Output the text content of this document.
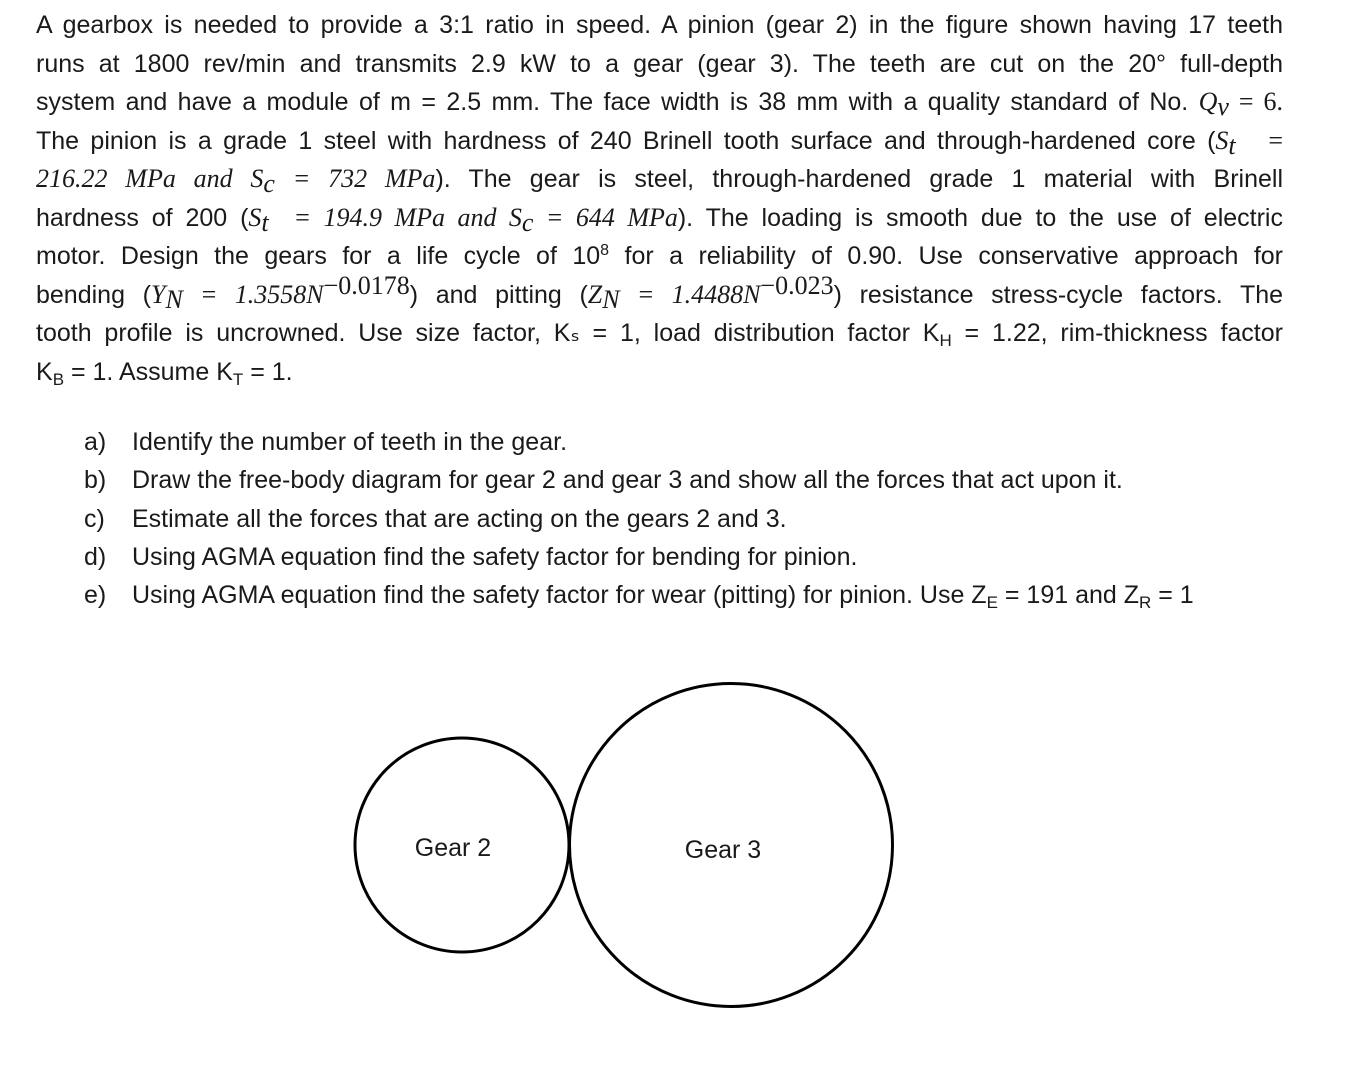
A gearbox is needed to provide a 3:1 ratio in speed. A pinion (gear 2) in the figure shown having 17 teeth
runs at 1800 rev/min and transmits 2.9 kW to a gear (gear 3). The teeth are cut on the 20° full-depth
system and have a module of m = 2.5 mm. The face width is 38 mm with a quality standard of No. $Q_v = 6$.
The pinion is a grade 1 steel with hardness of 240 Brinell tooth surface and through-hardened core ($S_t$   =
216.22 MPa and $S_c = 732$ MPa). The gear is steel, through-hardened grade 1 material with Brinell
hardness of 200 ($S_t = 194.9$ MPa and $S_c = 644$ MPa). The loading is smooth due to the use of electric
motor. Design the gears for a life cycle of $10^8$ for a reliability of 0.90. Use conservative approach for
bending $(Y_N = 1.3558N^{-0.0178})$ and pitting $(Z_N = 1.4488N^{-0.023})$ resistance stress-cycle factors. The
tooth profile is uncrowned. Use size factor, Kₛ = 1, load distribution factor $K_H = 1.22$, rim-thickness factor
$K_B = 1$. Assume $K_T = 1$.
a)	Identify the number of teeth in the gear.
b)	Draw the free-body diagram for gear 2 and gear 3 and show all the forces that act upon it.
c)	Estimate all the forces that are acting on the gears 2 and 3.
d)	Using AGMA equation find the safety factor for bending for pinion.
e)	Using AGMA equation find the safety factor for wear (pitting) for pinion. Use $Z_E = 191$ and $Z_R = 1$
Gear 2	Gear 3
